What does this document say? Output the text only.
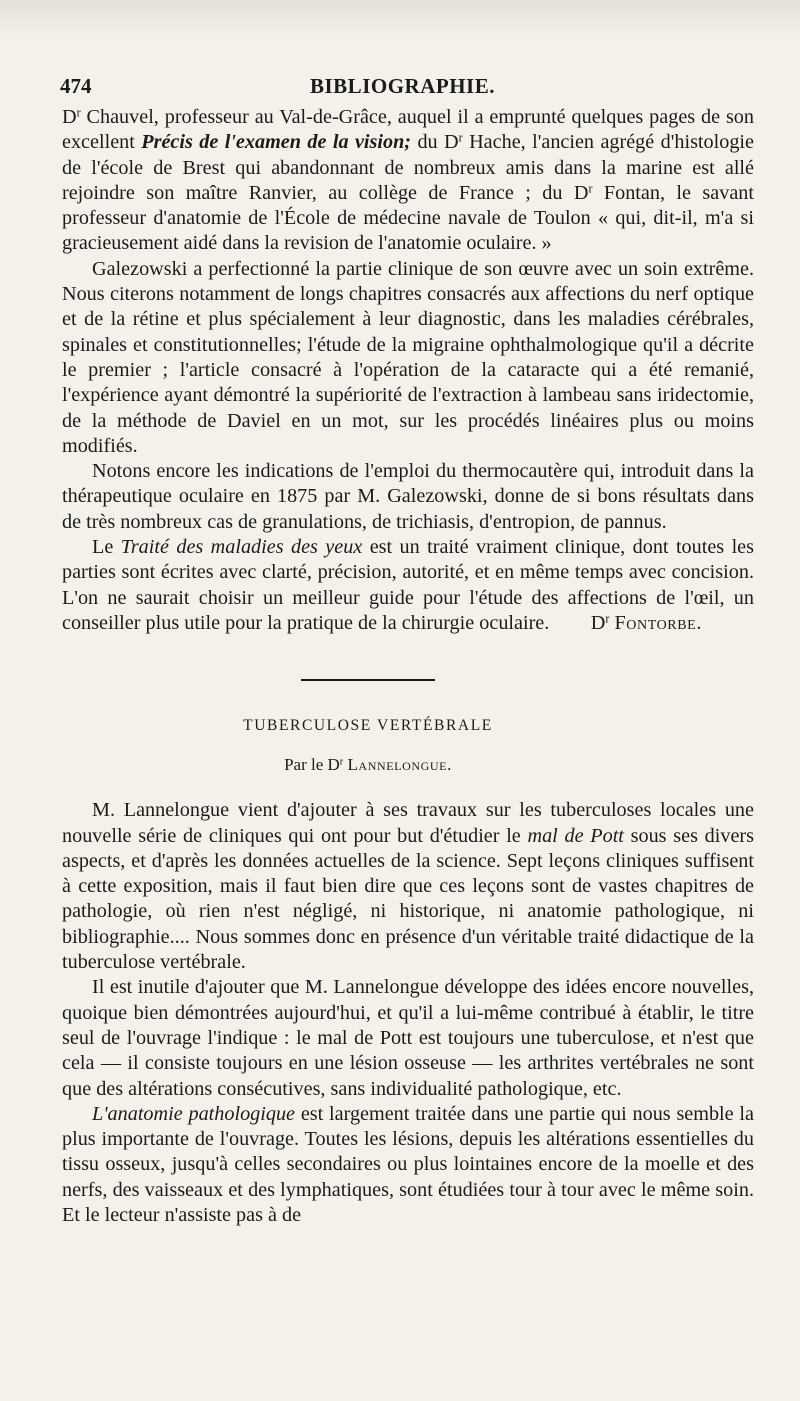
474	BIBLIOGRAPHIE.

$D^r$ Chauvel, professeur au Val-de-Grâce, auquel il a emprunté quelques pages de son excellent Précis de l'examen de la vision; du $D^r$ Hache, l'ancien agrégé d'histologie de l'école de Brest qui abandonnant de nombreux amis dans la marine est allé rejoindre son maître Ranvier, au collège de France ; du $D^r$ Fontan, le savant professeur d'anatomie de l'École de médecine navale de Toulon « qui, dit-il, m'a si gracieusement aidé dans la revision de l'anatomie oculaire. »

Galezowski a perfectionné la partie clinique de son œuvre avec un soin extrême. Nous citerons notamment de longs chapitres consacrés aux affections du nerf optique et de la rétine et plus spécialement à leur diagnostic, dans les maladies cérébrales, spinales et constitutionnelles; l'étude de la migraine ophthalmologique qu'il a décrite le premier ; l'article consacré à l'opération de la cataracte qui a été remanié, l'expérience ayant démontré la supériorité de l'extraction à lambeau sans iridectomie, de la méthode de Daviel en un mot, sur les procédés linéaires plus ou moins modifiés.

Notons encore les indications de l'emploi du thermocautère qui, introduit dans la thérapeutique oculaire en 1875 par M. Galezowski, donne de si bons résultats dans de très nombreux cas de granulations, de trichiasis, d'entropion, de pannus.

Le Traité des maladies des yeux est un traité vraiment clinique, dont toutes les parties sont écrites avec clarté, précision, autorité, et en même temps avec concision. L'on ne saurait choisir un meilleur guide pour l'étude des affections de l'œil, un conseiller plus utile pour la pratique de la chirurgie oculaire.	$D^r$ Fontorbe.

TUBERCULOSE VERTÉBRALE
Par le $D^r$ Lannelongue.

M. Lannelongue vient d'ajouter à ses travaux sur les tuberculoses locales une nouvelle série de cliniques qui ont pour but d'étudier le mal de Pott sous ses divers aspects, et d'après les données actuelles de la science. Sept leçons cliniques suffisent à cette exposition, mais il faut bien dire que ces leçons sont de vastes chapitres de pathologie, où rien n'est négligé, ni historique, ni anatomie pathologique, ni bibliographie.... Nous sommes donc en présence d'un véritable traité didactique de la tuberculose vertébrale.

Il est inutile d'ajouter que M. Lannelongue développe des idées encore nouvelles, quoique bien démontrées aujourd'hui, et qu'il a lui-même contribué à établir, le titre seul de l'ouvrage l'indique : le mal de Pott est toujours une tuberculose, et n'est que cela — il consiste toujours en une lésion osseuse — les arthrites vertébrales ne sont que des altérations consécutives, sans individualité pathologique, etc.

L'anatomie pathologique est largement traitée dans une partie qui nous semble la plus importante de l'ouvrage. Toutes les lésions, depuis les altérations essentielles du tissu osseux, jusqu'à celles secondaires ou plus lointaines encore de la moelle et des nerfs, des vaisseaux et des lymphatiques, sont étudiées tour à tour avec le même soin. Et le lecteur n'assiste pas à de
